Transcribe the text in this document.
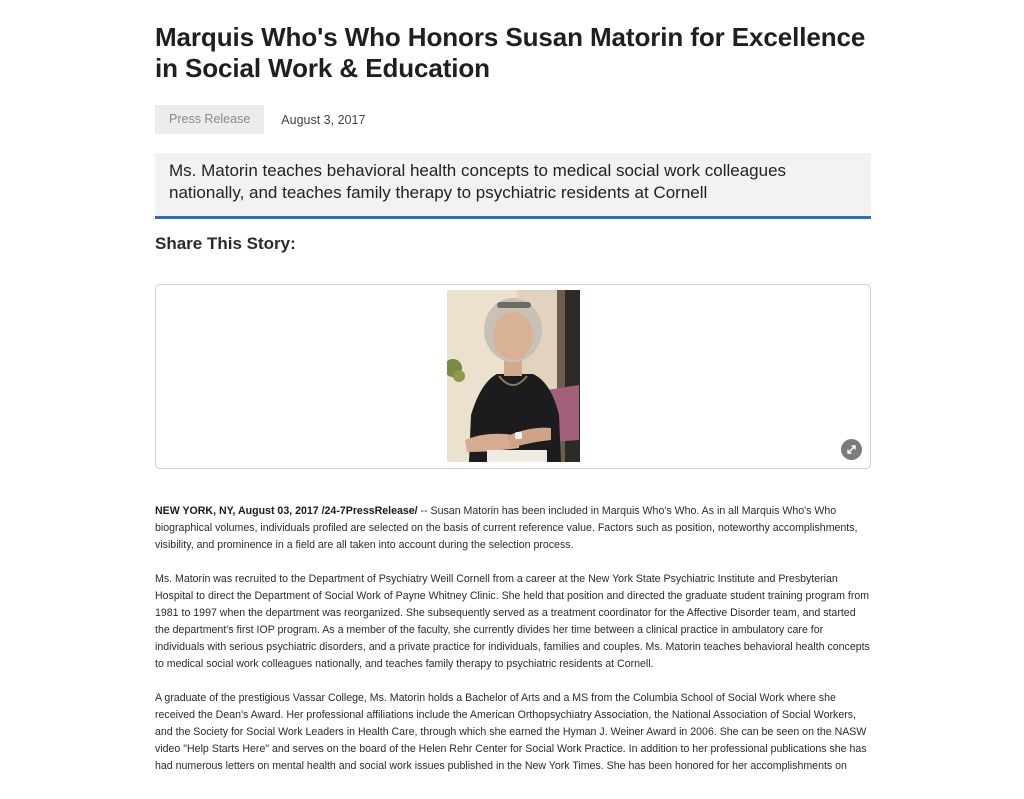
Marquis Who's Who Honors Susan Matorin for Excellence in Social Work & Education
Press Release	August 3, 2017
Ms. Matorin teaches behavioral health concepts to medical social work colleagues nationally, and teaches family therapy to psychiatric residents at Cornell
Share This Story:

NEW YORK, NY, August 03, 2017 /24-7PressRelease/ -- Susan Matorin has been included in Marquis Who's Who. As in all Marquis Who's Who biographical volumes, individuals profiled are selected on the basis of current reference value. Factors such as position, noteworthy accomplishments, visibility, and prominence in a field are all taken into account during the selection process.

Ms. Matorin was recruited to the Department of Psychiatry Weill Cornell from a career at the New York State Psychiatric Institute and Presbyterian Hospital to direct the Department of Social Work of Payne Whitney Clinic. She held that position and directed the graduate student training program from 1981 to 1997 when the department was reorganized. She subsequently served as a treatment coordinator for the Affective Disorder team, and started the department's first IOP program. As a member of the faculty, she currently divides her time between a clinical practice in ambulatory care for individuals with serious psychiatric disorders, and a private practice for individuals, families and couples. Ms. Matorin teaches behavioral health concepts to medical social work colleagues nationally, and teaches family therapy to psychiatric residents at Cornell.

A graduate of the prestigious Vassar College, Ms. Matorin holds a Bachelor of Arts and a MS from the Columbia School of Social Work where she received the Dean's Award. Her professional affiliations include the American Orthopsychiatry Association, the National Association of Social Workers, and the Society for Social Work Leaders in Health Care, through which she earned the Hyman J. Weiner Award in 2006. She can be seen on the NASW video "Help Starts Here" and serves on the board of the Helen Rehr Center for Social Work Practice. In addition to her professional publications she has had numerous letters on mental health and social work issues published in the New York Times. She has been honored for her accomplishments on
